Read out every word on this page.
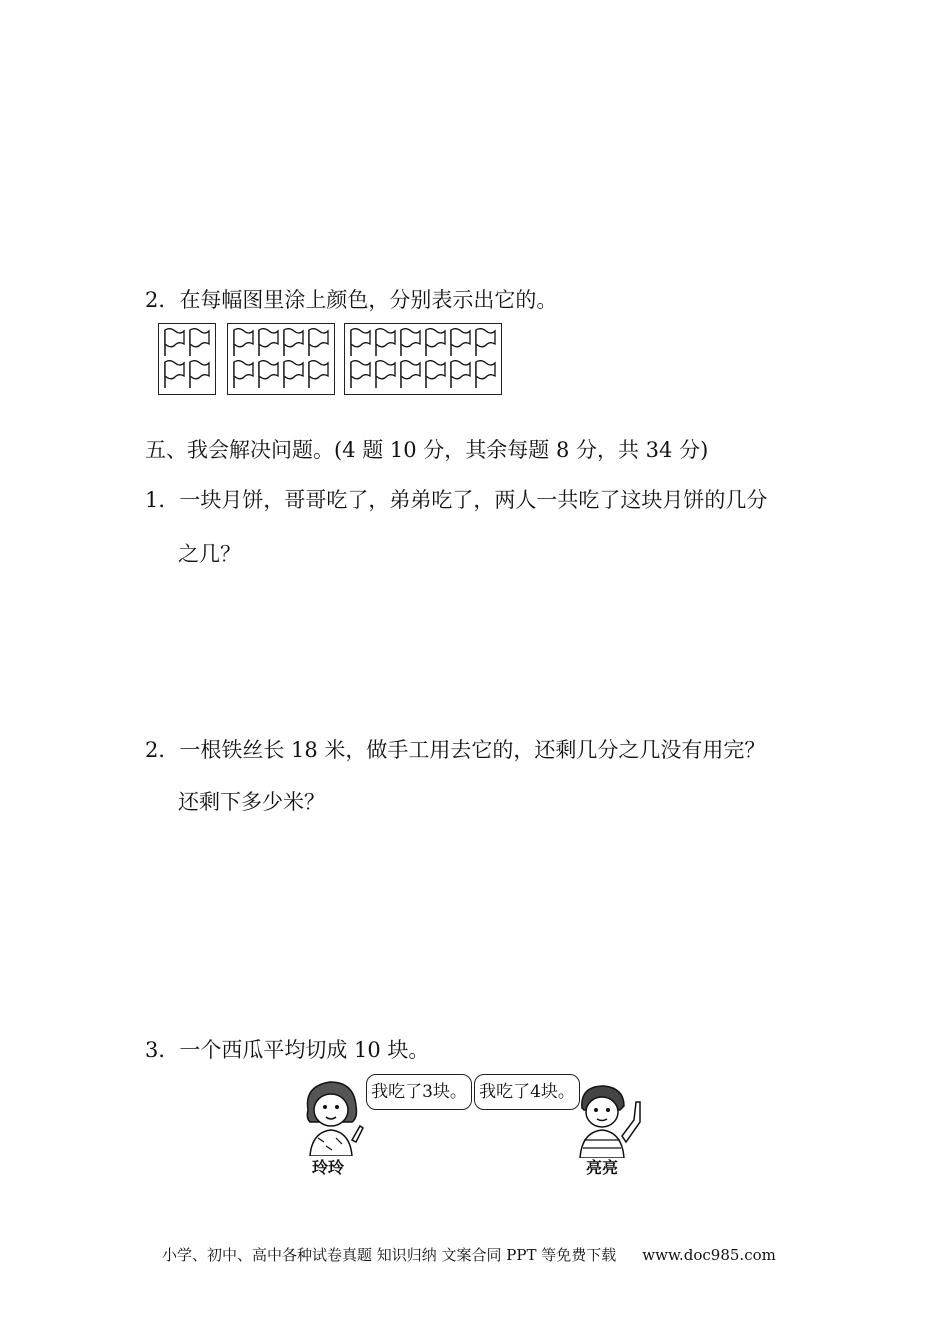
2．在每幅图里涂上颜色，分别表示出它的。
五、我会解决问题。(4 题 10 分，其余每题 8 分，共 34 分)
1．一块月饼，哥哥吃了，弟弟吃了，两人一共吃了这块月饼的几分
之几？
2．一根铁丝长 18 米，做手工用去它的，还剩几分之几没有用完？
还剩下多少米？
3．一个西瓜平均切成 10 块。
我吃了3块。 我吃了4块。
玲玲	亮亮
小学、初中、高中各种试卷真题 知识归纳 文案合同 PPT 等免费下载 www.doc985.com
